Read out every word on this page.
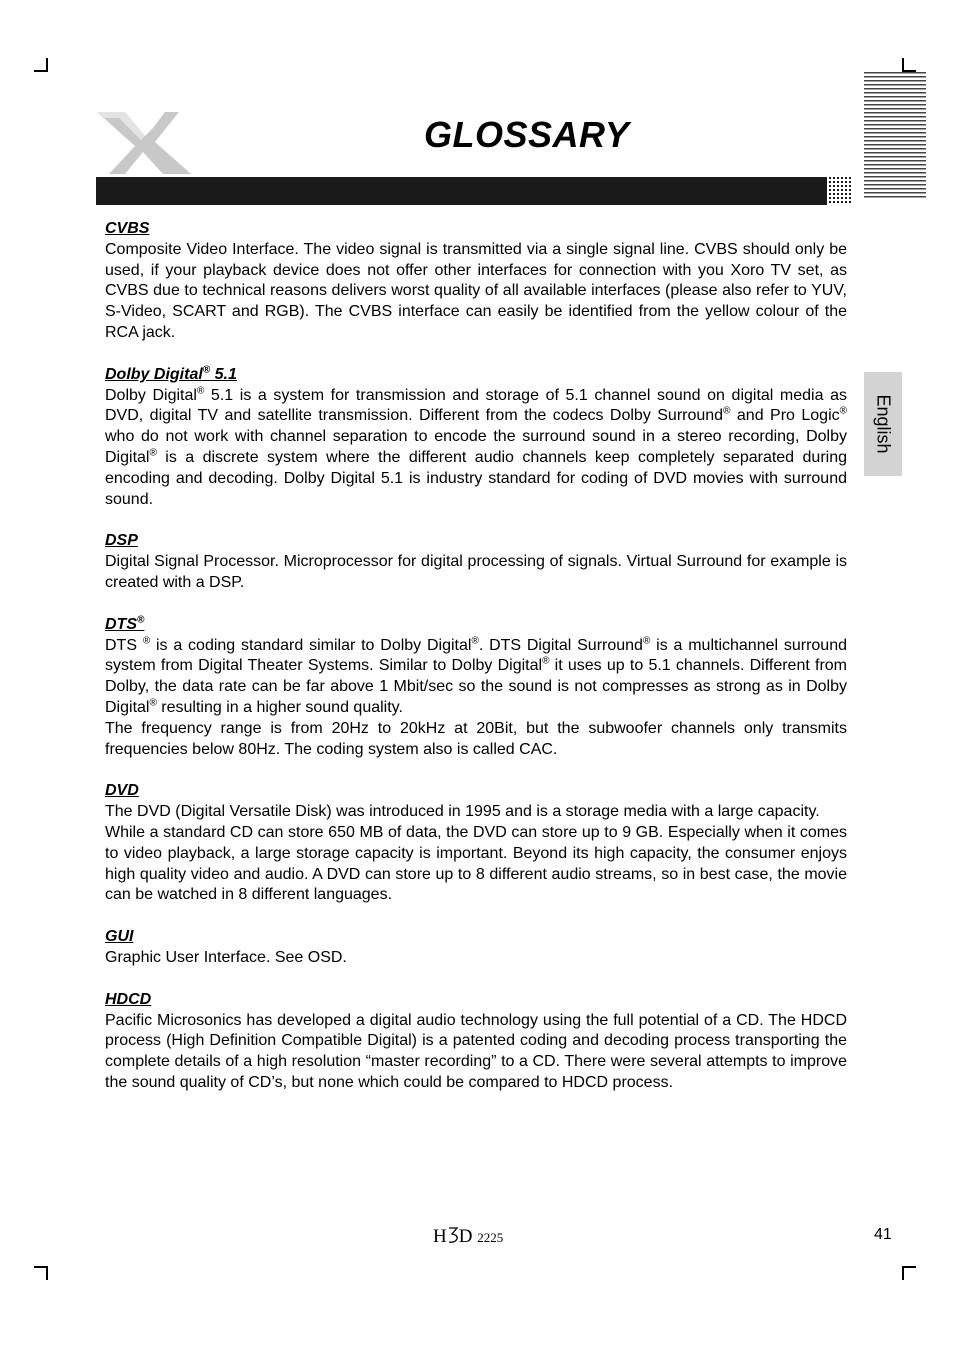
GLOSSARY
English
CVBS

Composite Video Interface. The video signal is transmitted via a single signal line. CVBS should only be used, if your playback device does not offer other interfaces for connection with you Xoro TV set, as CVBS due to technical reasons delivers worst quality of all available interfaces (please also refer to YUV, S-Video, SCART and RGB). The CVBS interface can easily be identified from the yellow colour of the RCA jack.

Dolby Digital® 5.1

Dolby Digital® 5.1 is a system for transmission and storage of 5.1 channel sound on digital media as DVD, digital TV and satellite transmission. Different from the codecs Dolby Surround® and Pro Logic® who do not work with channel separation to encode the surround sound in a stereo recording, Dolby Digital® is a discrete system where the different audio channels keep completely separated during encoding and decoding. Dolby Digital 5.1 is industry standard for coding of DVD movies with surround sound.

DSP

Digital Signal Processor. Microprocessor for digital processing of signals. Virtual Surround for example is created with a DSP.

DTS®

DTS ® is a coding standard similar to Dolby Digital®. DTS Digital Surround® is a multichannel surround system from Digital Theater Systems. Similar to Dolby Digital® it uses up to 5.1 channels. Different from Dolby, the data rate can be far above 1 Mbit/sec so the sound is not compresses as strong as in Dolby Digital® resulting in a higher sound quality.

The frequency range is from 20Hz to 20kHz at 20Bit, but the subwoofer channels only transmits frequencies below 80Hz. The coding system also is called CAC.

DVD

The DVD (Digital Versatile Disk) was introduced in 1995 and is a storage media with a large capacity.

While a standard CD can store 650 MB of data, the DVD can store up to 9 GB. Especially when it comes to video playback, a large storage capacity is important. Beyond its high capacity, the consumer enjoys high quality video and audio. A DVD can store up to 8 different audio streams, so in best case, the movie can be watched in 8 different languages.

GUI

Graphic User Interface. See OSD.

HDCD

Pacific Microsonics has developed a digital audio technology using the full potential of a CD. The HDCD process (High Definition Compatible Digital) is a patented coding and decoding process transporting the complete details of a high resolution “master recording” to a CD. There were several attempts to improve the sound quality of CD’s, but none which could be compared to HDCD process.

H D 2225	41
